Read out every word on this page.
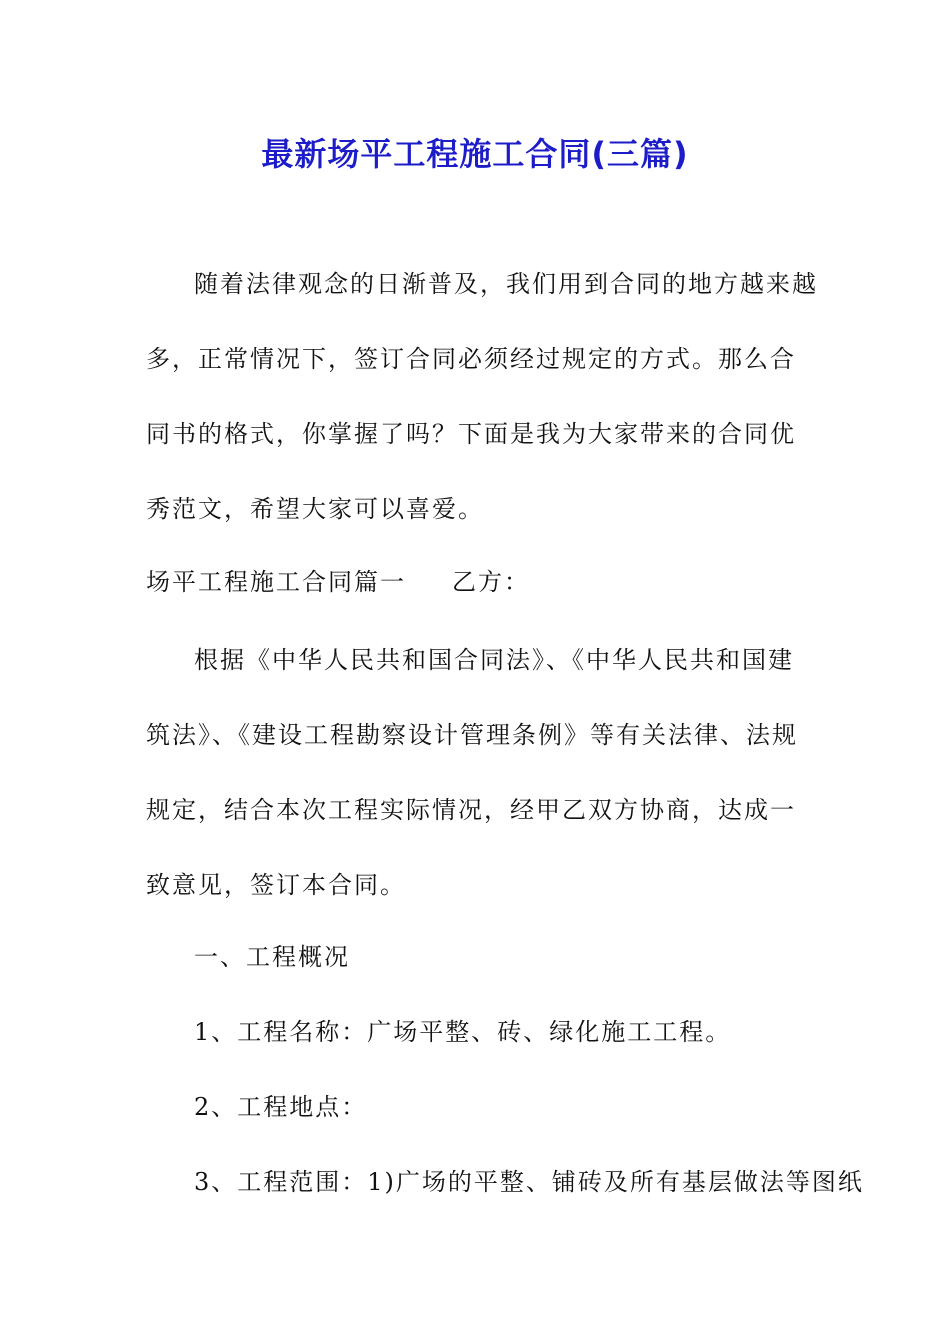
最新场平工程施工合同(三篇)
随着法律观念的日渐普及，我们用到合同的地方越来越多，正常情况下，签订合同必须经过规定的方式。那么合同书的格式，你掌握了吗？下面是我为大家带来的合同优秀范文，希望大家可以喜爱。
场平工程施工合同篇一 乙方：
根据《中华人民共和国合同法》、《中华人民共和国建筑法》、《建设工程勘察设计管理条例》等有关法律、法规规定，结合本次工程实际情况，经甲乙双方协商，达成一致意见，签订本合同。
一、工程概况
1、工程名称：广场平整、砖、绿化施工工程。
2、工程地点：
3、工程范围：1)广场的平整、铺砖及所有基层做法等图纸
